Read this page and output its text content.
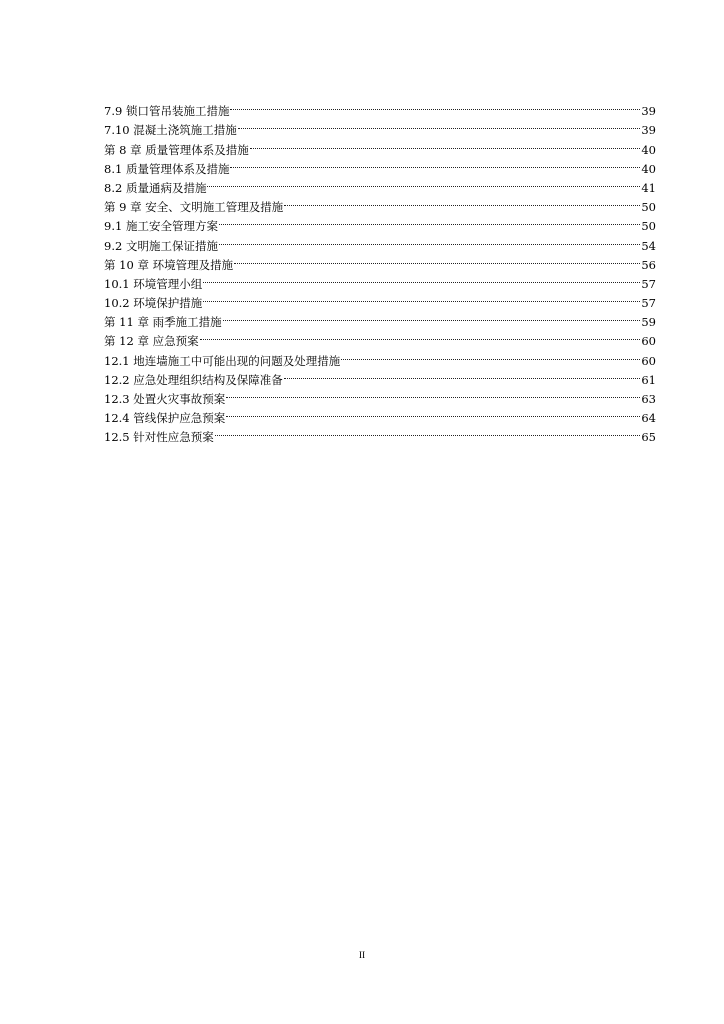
7.9 锁口管吊装施工措施	39
7.10 混凝土浇筑施工措施	39
第 8 章 质量管理体系及措施	40
8.1 质量管理体系及措施	40
8.2 质量通病及措施	41
第 9 章 安全、文明施工管理及措施	50
9.1 施工安全管理方案	50
9.2 文明施工保证措施	54
第 10 章 环境管理及措施	56
10.1 环境管理小组	57
10.2 环境保护措施	57
第 11 章 雨季施工措施	59
第 12 章 应急预案	60
12.1 地连墙施工中可能出现的问题及处理措施	60
12.2 应急处理组织结构及保障准备	61
12.3 处置火灾事故预案	63
12.4 管线保护应急预案	64
12.5 针对性应急预案	65
II
